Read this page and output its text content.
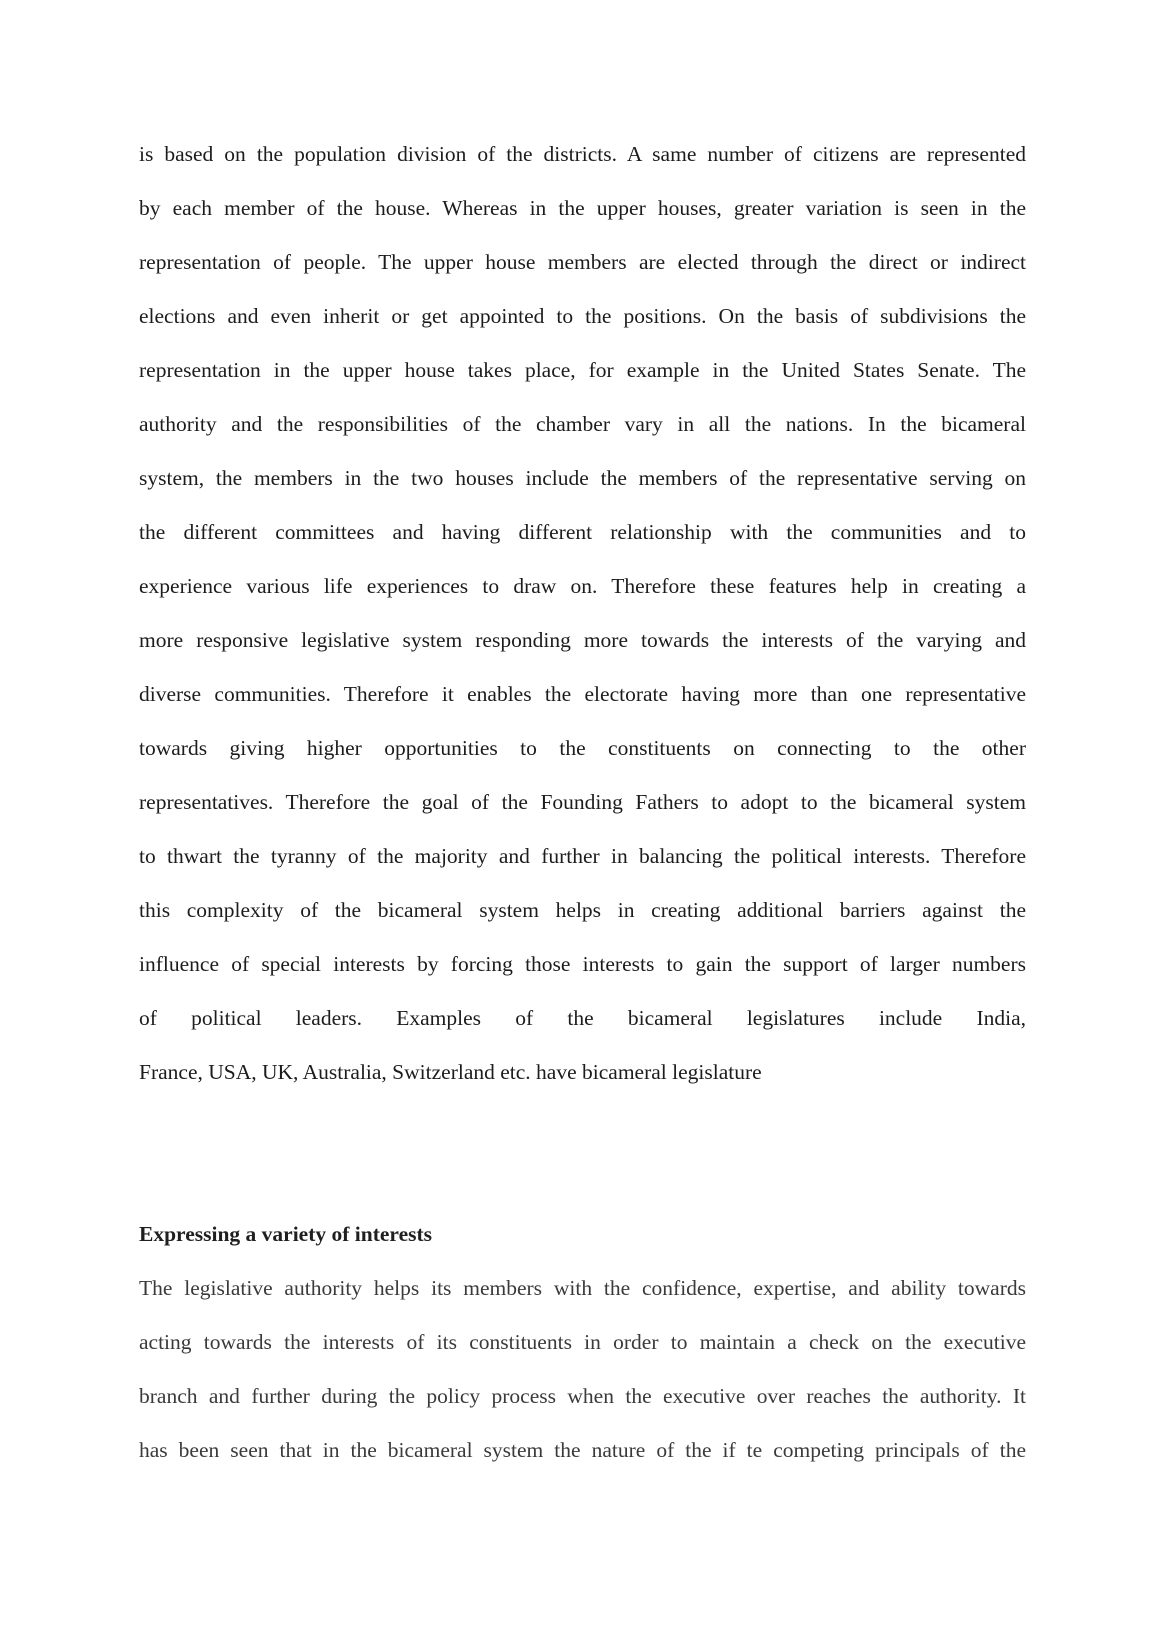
is based on the population division of the districts. A same number of citizens are represented
by each member of the house. Whereas in the upper houses, greater variation is seen in the
representation of people. The upper house members are elected through the direct or indirect
elections and even inherit or get appointed to the positions. On the basis of subdivisions the
representation in the upper house takes place, for example in the United States Senate. The
authority and the responsibilities of the chamber vary in all the nations. In the bicameral
system, the members in the two houses include the members of the representative serving on
the different committees and having different relationship with the communities and to
experience various life experiences to draw on. Therefore these features help in creating a
more responsive legislative system responding more towards the interests of the varying and
diverse communities. Therefore it enables the electorate having more than one representative
towards giving higher opportunities to the constituents on connecting to the other
representatives. Therefore the goal of the Founding Fathers to adopt to the bicameral system
to thwart the tyranny of the majority and further in balancing the political interests. Therefore
this complexity of the bicameral system helps in creating additional barriers against the
influence of special interests by forcing those interests to gain the support of larger numbers
of political leaders. Examples of the bicameral legislatures include India,
France, USA, UK, Australia, Switzerland etc. have bicameral legislature
Expressing a variety of interests
The legislative authority helps its members with the confidence, expertise, and ability towards
acting towards the interests of its constituents in order to maintain a check on the executive
branch and further during the policy process when the executive over reaches the authority. It
has been seen that in the bicameral system the nature of the if te competing principals of the
